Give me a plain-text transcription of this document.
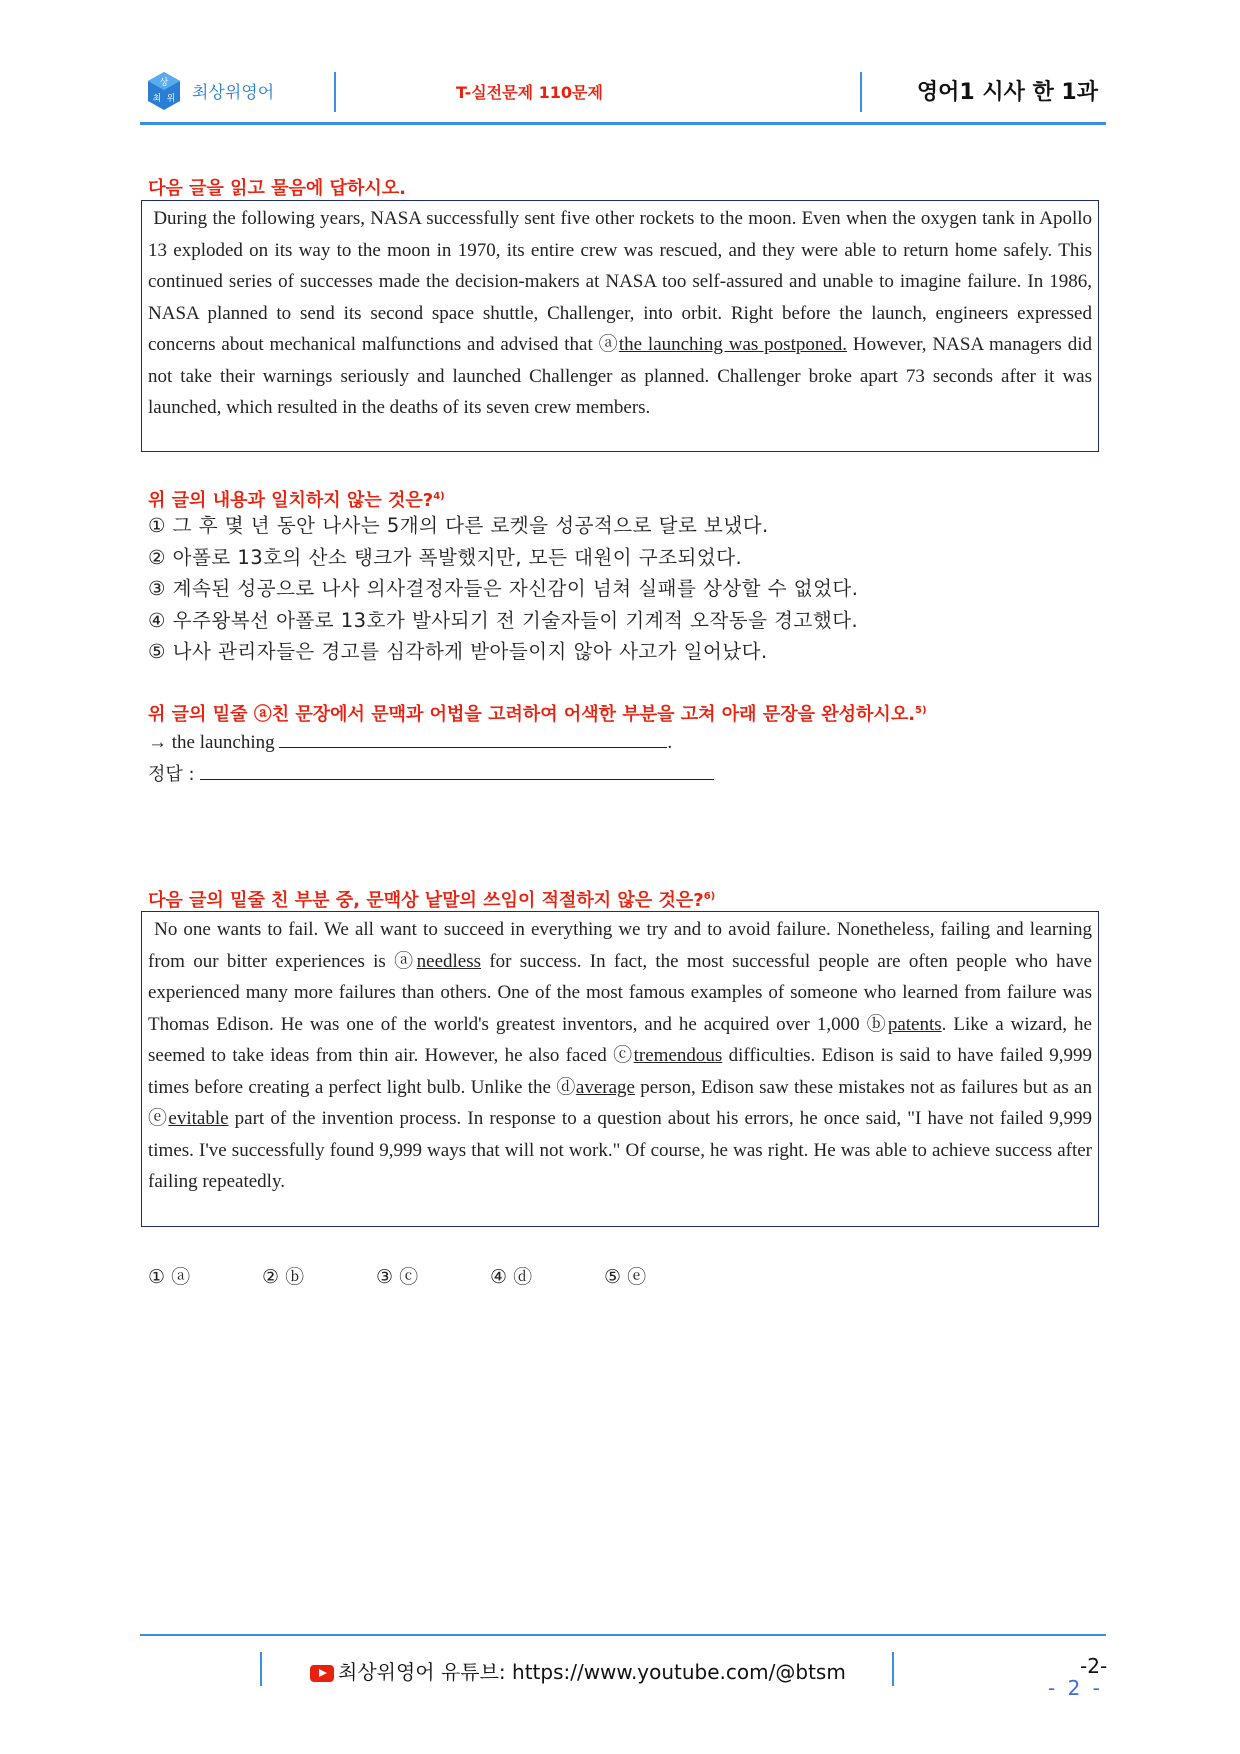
상
최 위 최상위영어	T-실전문제 110문제	영어1 시사 한 1과
다음 글을 읽고 물음에 답하시오.
During the following years, NASA successfully sent five other rockets to the moon. Even when the oxygen tank in Apollo 13 exploded on its way to the moon in 1970, its entire crew was rescued, and they were able to return home safely. This continued series of successes made the decision-makers at NASA too self-assured and unable to imagine failure. In 1986, NASA planned to send its second space shuttle, Challenger, into orbit. Right before the launch, engineers expressed concerns about mechanical malfunctions and advised that ⓐthe launching was postponed. However, NASA managers did not take their warnings seriously and launched Challenger as planned. Challenger broke apart 73 seconds after it was launched, which resulted in the deaths of its seven crew members.
위 글의 내용과 일치하지 않는 것은?$^{4)}$
① 그 후 몇 년 동안 나사는 5개의 다른 로켓을 성공적으로 달로 보냈다.
② 아폴로 13호의 산소 탱크가 폭발했지만, 모든 대원이 구조되었다.
③ 계속된 성공으로 나사 의사결정자들은 자신감이 넘쳐 실패를 상상할 수 없었다.
④ 우주왕복선 아폴로 13호가 발사되기 전 기술자들이 기계적 오작동을 경고했다.
⑤ 나사 관리자들은 경고를 심각하게 받아들이지 않아 사고가 일어났다.
위 글의 밑줄 ⓐ친 문장에서 문맥과 어법을 고려하여 어색한 부분을 고쳐 아래 문장을 완성하시오.$^{5)}$
→ the launching	.
정답 :
다음 글의 밑줄 친 부분 중, 문맥상 낱말의 쓰임이 적절하지 않은 것은?$^{6)}$
No one wants to fail. We all want to succeed in everything we try and to avoid failure. Nonetheless, failing and learning from our bitter experiences is ⓐneedless for success. In fact, the most successful people are often people who have experienced many more failures than others. One of the most famous examples of someone who learned from failure was Thomas Edison. He was one of the world's greatest inventors, and he acquired over 1,000 ⓑpatents. Like a wizard, he seemed to take ideas from thin air. However, he also faced ⓒtremendous difficulties. Edison is said to have failed 9,999 times before creating a perfect light bulb. Unlike the ⓓaverage person, Edison saw these mistakes not as failures but as an ⓔevitable part of the invention process. In response to a question about his errors, he once said, "I have not failed 9,999 times. I've successfully found 9,999 ways that will not work." Of course, he was right. He was able to achieve success after failing repeatedly.
① ⓐ	② ⓑ	③ ⓒ	④ ⓓ	⑤ ⓔ
최상위영어 유튜브: https://www.youtube.com/@btsm	-2-
- 2 -
